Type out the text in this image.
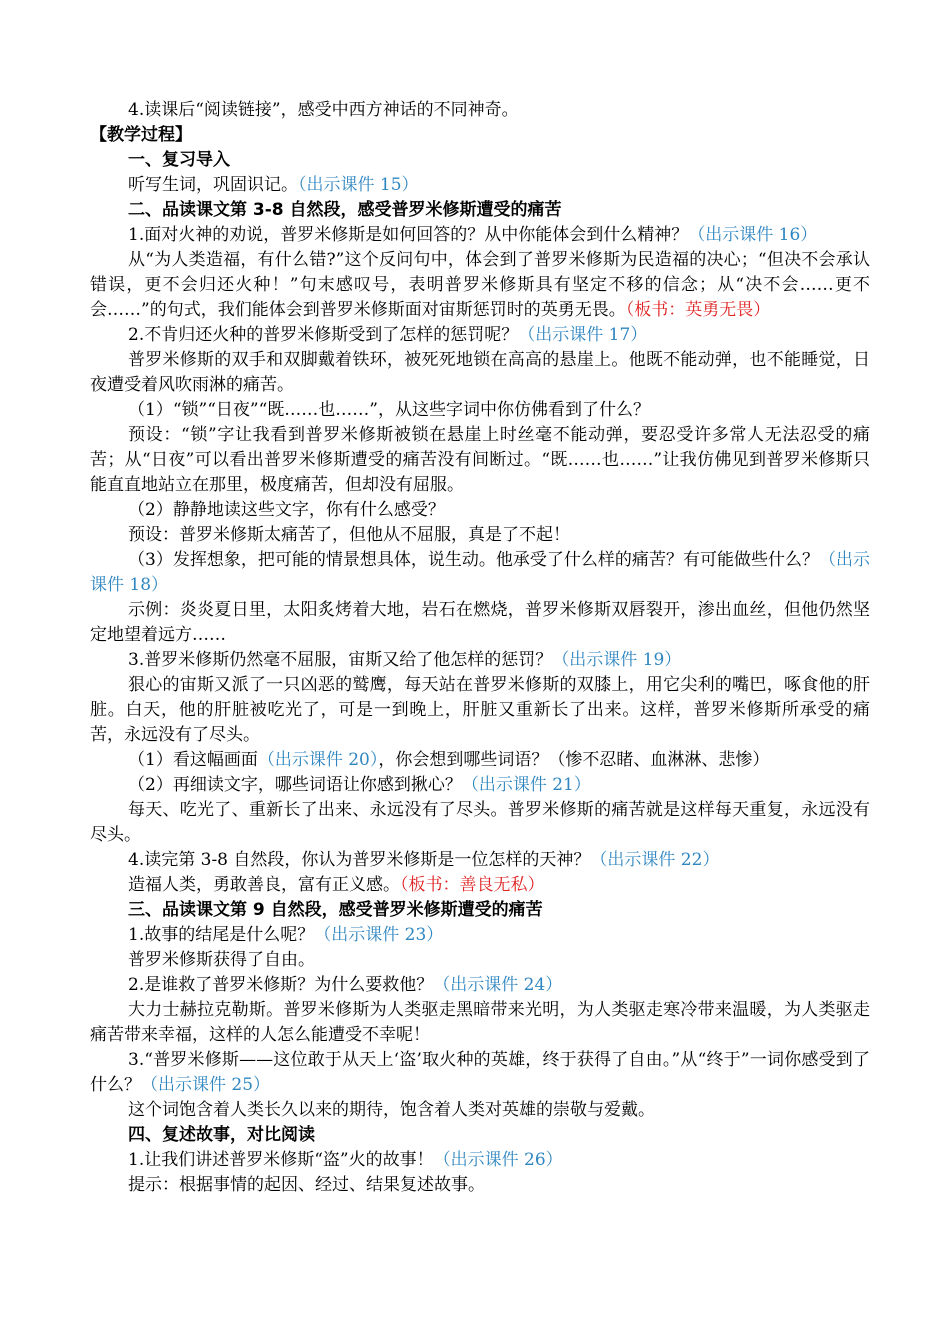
4.读课后“阅读链接”，感受中西方神话的不同神奇。

【教学过程】

一、复习导入

听写生词，巩固识记。（出示课件 15）

二、品读课文第 3-8 自然段，感受普罗米修斯遭受的痛苦

1.面对火神的劝说，普罗米修斯是如何回答的？从中你能体会到什么精神？（出示课件 16）

从“为人类造福，有什么错?”这个反问句中，体会到了普罗米修斯为民造福的决心；“但决不会承认错误，更不会归还火种！”句末感叹号，表明普罗米修斯具有坚定不移的信念；从“决不会……更不会……”的句式，我们能体会到普罗米修斯面对宙斯惩罚时的英勇无畏。（板书：英勇无畏）

2.不肯归还火种的普罗米修斯受到了怎样的惩罚呢？（出示课件 17）

普罗米修斯的双手和双脚戴着铁环，被死死地锁在高高的悬崖上。他既不能动弹，也不能睡觉，日夜遭受着风吹雨淋的痛苦。

（1）“锁”“日夜”“既……也……”，从这些字词中你仿佛看到了什么？

预设：“锁”字让我看到普罗米修斯被锁在悬崖上时丝毫不能动弹，要忍受许多常人无法忍受的痛苦；从“日夜”可以看出普罗米修斯遭受的痛苦没有间断过。“既……也……”让我仿佛见到普罗米修斯只能直直地站立在那里，极度痛苦，但却没有屈服。

（2）静静地读这些文字，你有什么感受？

预设：普罗米修斯太痛苦了，但他从不屈服，真是了不起！

（3）发挥想象，把可能的情景想具体，说生动。他承受了什么样的痛苦？有可能做些什么？（出示课件 18）

示例：炎炎夏日里，太阳炙烤着大地，岩石在燃烧，普罗米修斯双唇裂开，渗出血丝，但他仍然坚定地望着远方……

3.普罗米修斯仍然毫不屈服，宙斯又给了他怎样的惩罚？（出示课件 19）

狠心的宙斯又派了一只凶恶的鹫鹰，每天站在普罗米修斯的双膝上，用它尖利的嘴巴，啄食他的肝脏。白天，他的肝脏被吃光了，可是一到晚上，肝脏又重新长了出来。这样，普罗米修斯所承受的痛苦，永远没有了尽头。

（1）看这幅画面（出示课件 20），你会想到哪些词语？（惨不忍睹、血淋淋、悲惨）

（2）再细读文字，哪些词语让你感到揪心？（出示课件 21）

每天、吃光了、重新长了出来、永远没有了尽头。普罗米修斯的痛苦就是这样每天重复，永远没有尽头。

4.读完第 3-8 自然段，你认为普罗米修斯是一位怎样的天神？（出示课件 22）

造福人类，勇敢善良，富有正义感。（板书：善良无私）

三、品读课文第 9 自然段，感受普罗米修斯遭受的痛苦

1.故事的结尾是什么呢？（出示课件 23）

普罗米修斯获得了自由。

2.是谁救了普罗米修斯？为什么要救他？（出示课件 24）

大力士赫拉克勒斯。普罗米修斯为人类驱走黑暗带来光明，为人类驱走寒冷带来温暖，为人类驱走痛苦带来幸福，这样的人怎么能遭受不幸呢！

3.“普罗米修斯——这位敢于从天上‘盗’取火种的英雄，终于获得了自由。”从“终于”一词你感受到了什么？（出示课件 25）

这个词饱含着人类长久以来的期待，饱含着人类对英雄的崇敬与爱戴。

四、复述故事，对比阅读

1.让我们讲述普罗米修斯“盗”火的故事！（出示课件 26）

提示：根据事情的起因、经过、结果复述故事。
